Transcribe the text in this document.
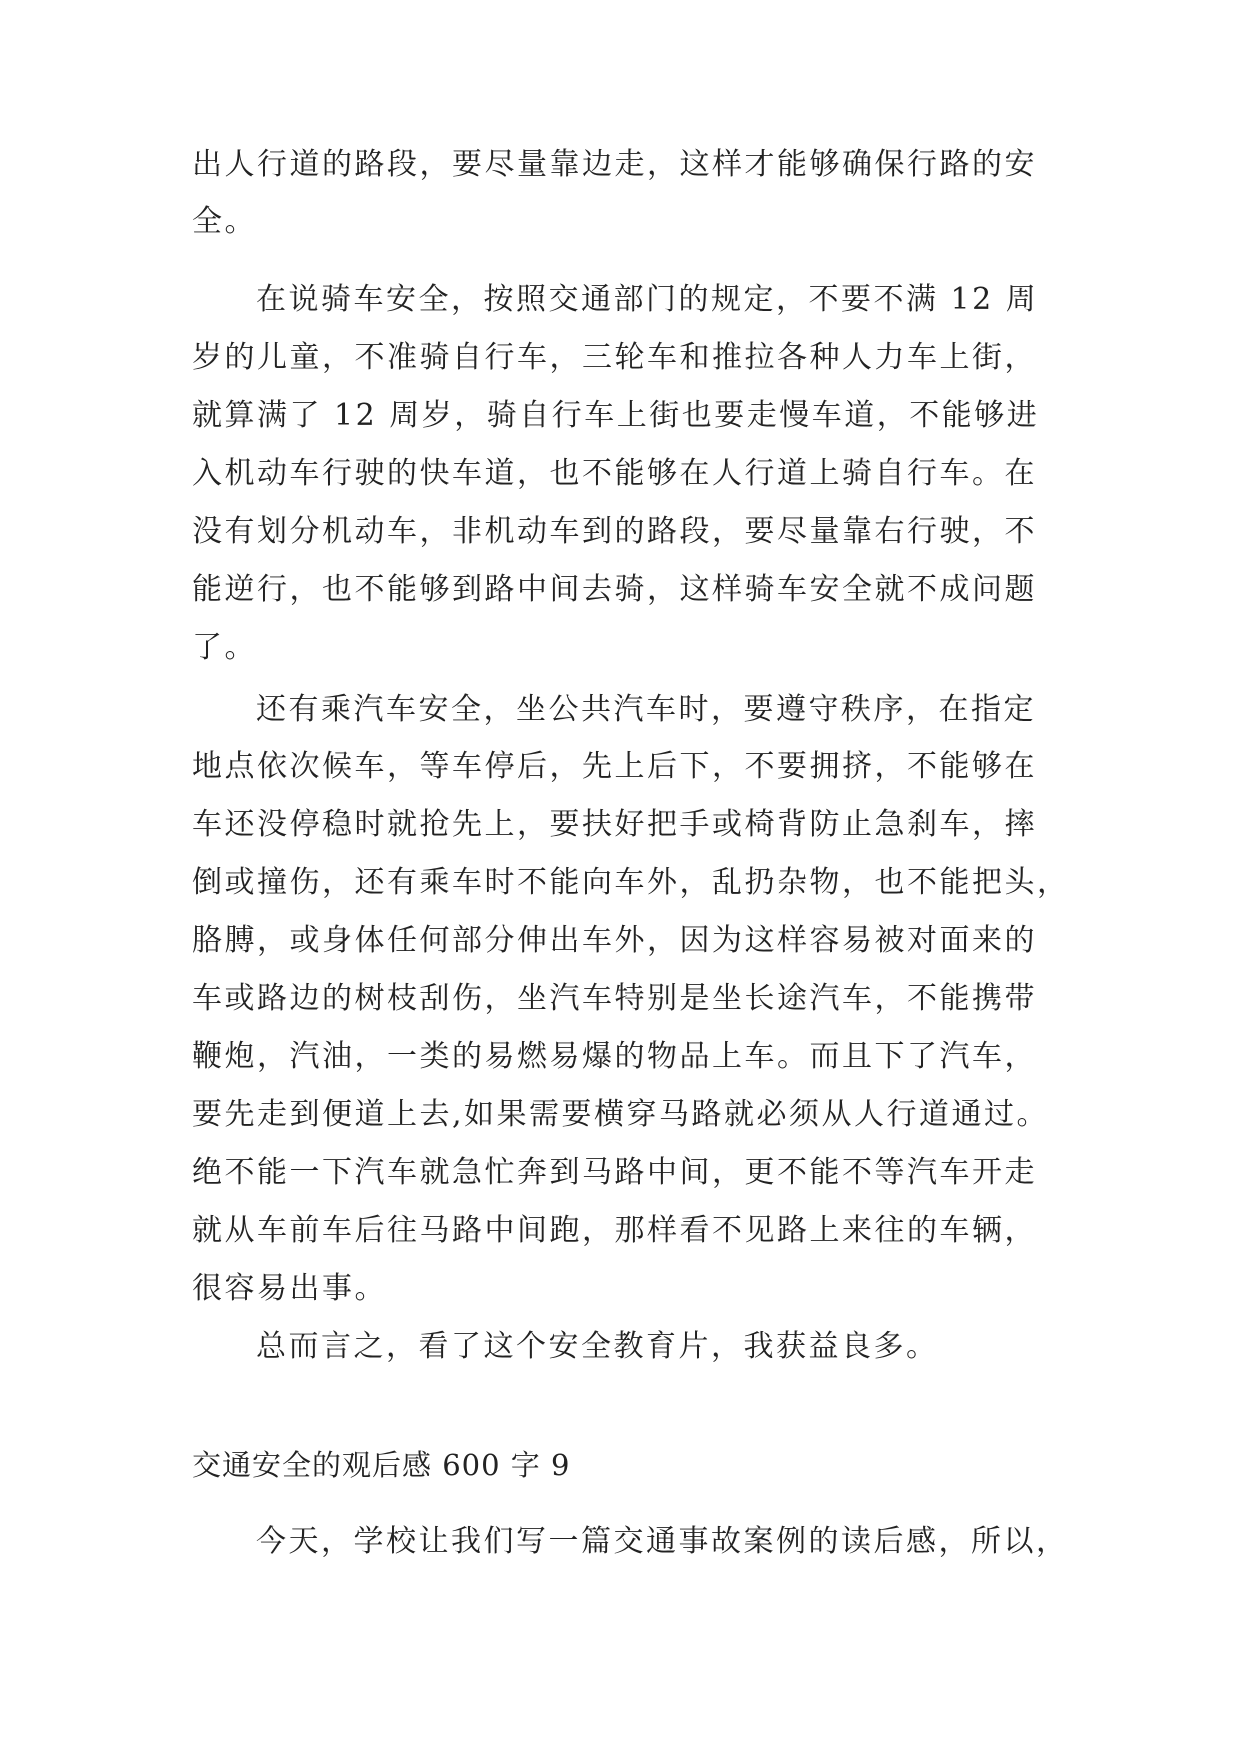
出人行道的路段，要尽量靠边走，这样才能够确保行路的安

全。

在说骑车安全，按照交通部门的规定，不要不满 12 周

岁的儿童，不准骑自行车，三轮车和推拉各种人力车上街，

就算满了 12 周岁，骑自行车上街也要走慢车道，不能够进

入机动车行驶的快车道，也不能够在人行道上骑自行车。在

没有划分机动车，非机动车到的路段，要尽量靠右行驶，不

能逆行，也不能够到路中间去骑，这样骑车安全就不成问题

了。

还有乘汽车安全，坐公共汽车时，要遵守秩序，在指定

地点依次候车，等车停后，先上后下，不要拥挤，不能够在

车还没停稳时就抢先上，要扶好把手或椅背防止急刹车，摔

倒或撞伤，还有乘车时不能向车外，乱扔杂物，也不能把头，

胳膊，或身体任何部分伸出车外，因为这样容易被对面来的

车或路边的树枝刮伤，坐汽车特别是坐长途汽车，不能携带

鞭炮，汽油，一类的易燃易爆的物品上车。而且下了汽车，

要先走到便道上去,如果需要横穿马路就必须从人行道通过。

绝不能一下汽车就急忙奔到马路中间，更不能不等汽车开走

就从车前车后往马路中间跑，那样看不见路上来往的车辆，

很容易出事。

总而言之，看了这个安全教育片，我获益良多。

交通安全的观后感 600 字 9

今天，学校让我们写一篇交通事故案例的读后感，所以，
